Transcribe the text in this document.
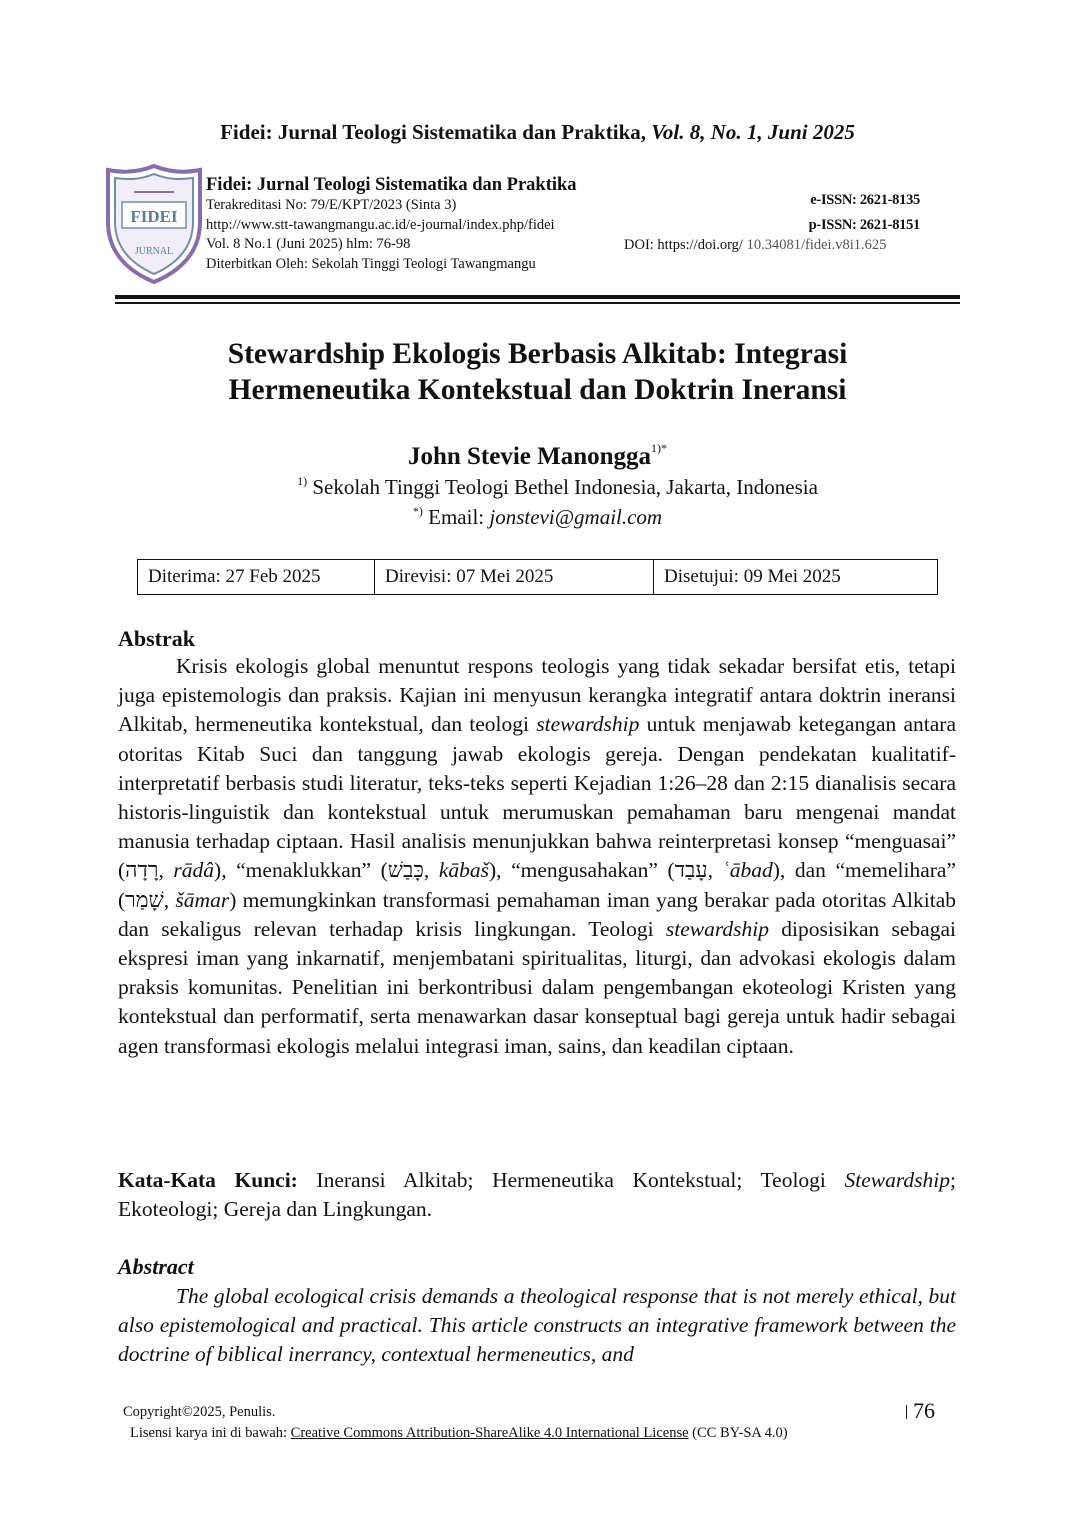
Fidei: Jurnal Teologi Sistematika dan Praktika, Vol. 8, No. 1, Juni 2025
FIDEI
JURNAL
Fidei: Jurnal Teologi Sistematika dan Praktika
Terakreditasi No: 79/E/KPT/2023 (Sinta 3)
http://www.stt-tawangmangu.ac.id/e-journal/index.php/fidei
Vol. 8 No.1 (Juni 2025) hlm: 76-98
Diterbitkan Oleh: Sekolah Tinggi Teologi Tawangmangu
e-ISSN: 2621-8135
p-ISSN: 2621-8151
DOI: https://doi.org/ 10.34081/fidei.v8i1.625
Stewardship Ekologis Berbasis Alkitab: Integrasi
Hermeneutika Kontekstual dan Doktrin Ineransi
John Stevie Manongga$^{1)*}$
$^{1)}$ Sekolah Tinggi Teologi Bethel Indonesia, Jakarta, Indonesia
*) Email: jonstevi@gmail.com
Diterima: 27 Feb 2025	Direvisi: 07 Mei 2025	Disetujui: 09 Mei 2025
Abstrak

Krisis ekologis global menuntut respons teologis yang tidak sekadar bersifat etis, tetapi juga epistemologis dan praksis. Kajian ini menyusun kerangka integratif antara doktrin ineransi Alkitab, hermeneutika kontekstual, dan teologi stewardship untuk menjawab ketegangan antara otoritas Kitab Suci dan tanggung jawab ekologis gereja. Dengan pendekatan kualitatif-interpretatif berbasis studi literatur, teks-teks seperti Kejadian 1:26–28 dan 2:15 dianalisis secara historis-linguistik dan kontekstual untuk merumuskan pemahaman baru mengenai mandat manusia terhadap ciptaan. Hasil analisis menunjukkan bahwa reinterpretasi konsep “menguasai” (רָדָה, rādâ), “menaklukkan” (כָּבַשׁ, kābaš), “mengusahakan” (עָבַד, ʿābad), dan “memelihara” (שָׁמַר, šāmar) memungkinkan transformasi pemahaman iman yang berakar pada otoritas Alkitab dan sekaligus relevan terhadap krisis lingkungan. Teologi stewardship diposisikan sebagai ekspresi iman yang inkarnatif, menjembatani spiritualitas, liturgi, dan advokasi ekologis dalam praksis komunitas. Penelitian ini berkontribusi dalam pengembangan ekoteologi Kristen yang kontekstual dan performatif, serta menawarkan dasar konseptual bagi gereja untuk hadir sebagai agen transformasi ekologis melalui integrasi iman, sains, dan keadilan ciptaan.

Kata-Kata Kunci: Ineransi Alkitab; Hermeneutika Kontekstual; Teologi Stewardship; Ekoteologi; Gereja dan Lingkungan.

Abstract

The global ecological crisis demands a theological response that is not merely ethical, but also epistemological and practical. This article constructs an integrative framework between the doctrine of biblical inerrancy, contextual hermeneutics, and

Copyright©2025, Penulis.
Lisensi karya ini di bawah: Creative Commons Attribution-ShareAlike 4.0 International License (CC BY-SA 4.0)
76
